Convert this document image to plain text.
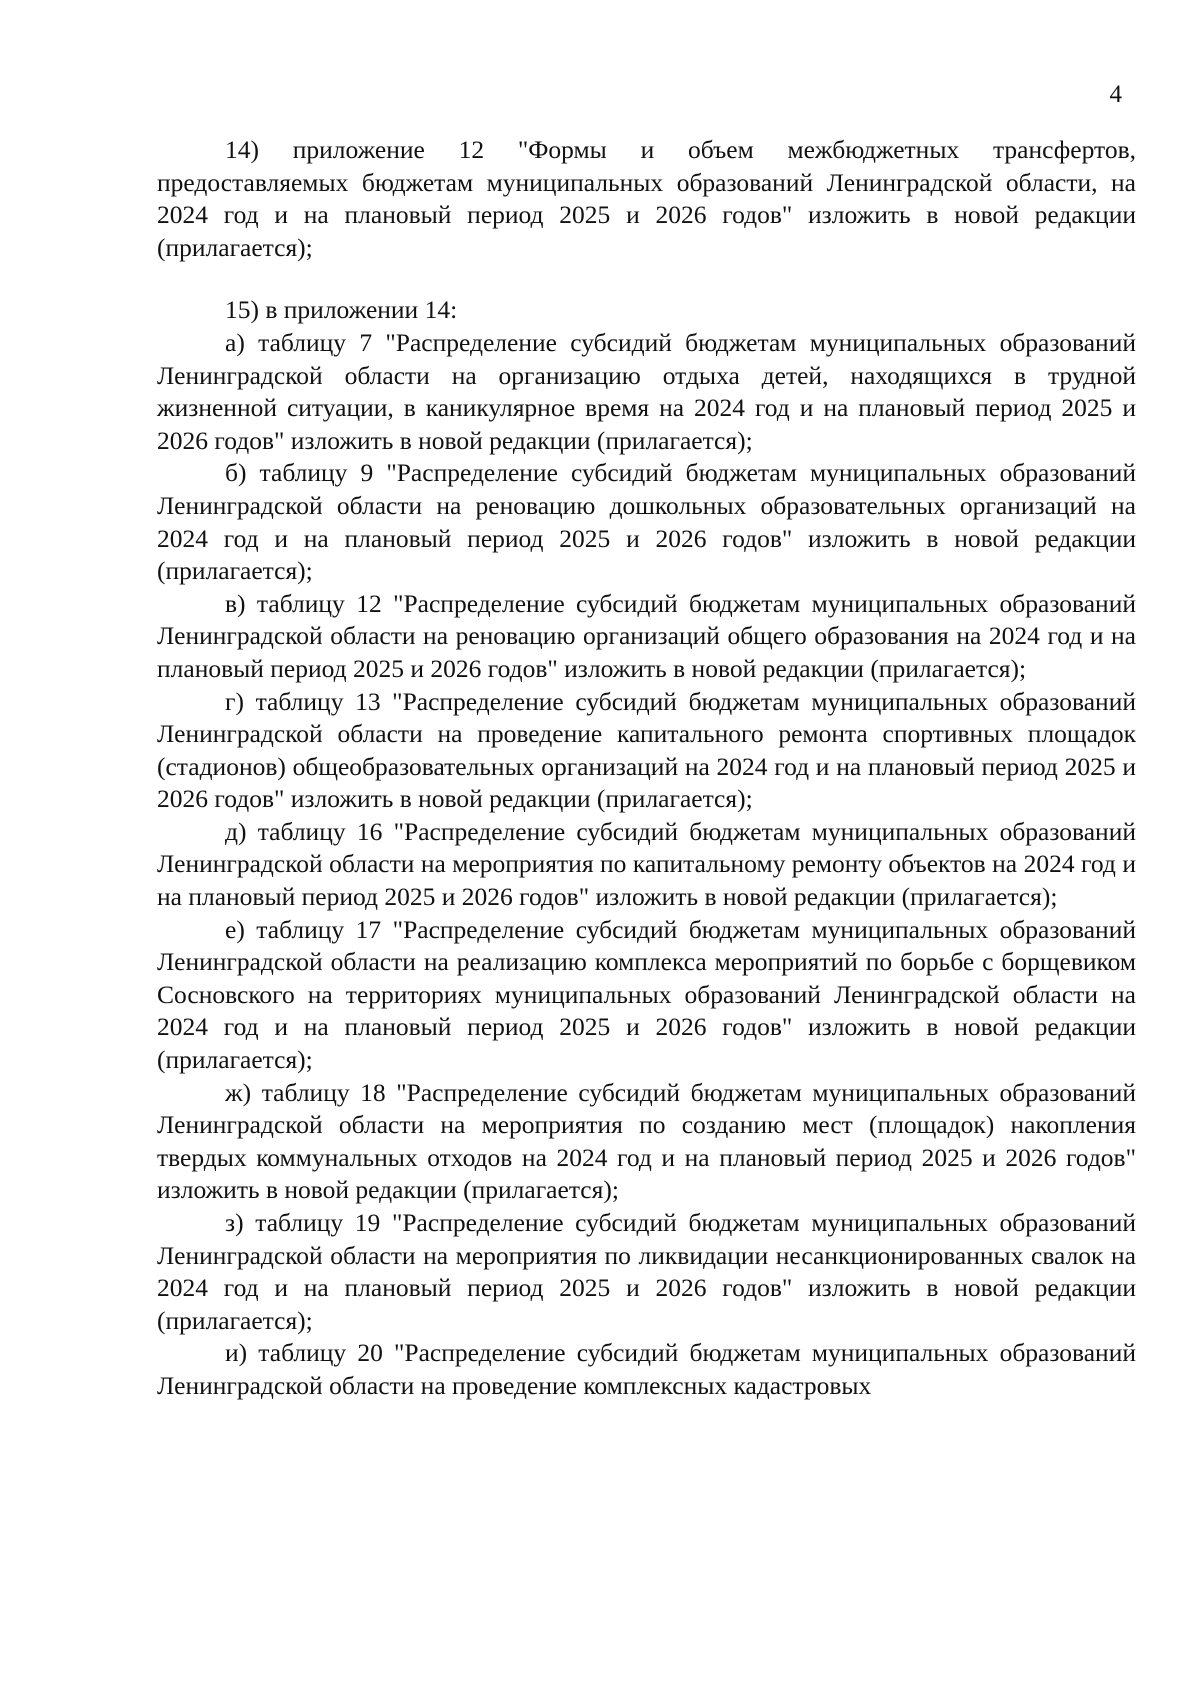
4

14) приложение 12 "Формы и объем межбюджетных трансфертов, предоставляемых бюджетам муниципальных образований Ленинградской области, на 2024 год и на плановый период 2025 и 2026 годов" изложить в новой редакции (прилагается);

15) в приложении 14:

а) таблицу 7 "Распределение субсидий бюджетам муниципальных образований Ленинградской области на организацию отдыха детей, находящихся в трудной жизненной ситуации, в каникулярное время на 2024 год и на плановый период 2025 и 2026 годов" изложить в новой редакции (прилагается);

б) таблицу 9 "Распределение субсидий бюджетам муниципальных образований Ленинградской области на реновацию дошкольных образовательных организаций на 2024 год и на плановый период 2025 и 2026 годов" изложить в новой редакции (прилагается);

в) таблицу 12 "Распределение субсидий бюджетам муниципальных образований Ленинградской области на реновацию организаций общего образования на 2024 год и на плановый период 2025 и 2026 годов" изложить в новой редакции (прилагается);

г) таблицу 13 "Распределение субсидий бюджетам муниципальных образований Ленинградской области на проведение капитального ремонта спортивных площадок (стадионов) общеобразовательных организаций на 2024 год и на плановый период 2025 и 2026 годов" изложить в новой редакции (прилагается);

д) таблицу 16 "Распределение субсидий бюджетам муниципальных образований Ленинградской области на мероприятия по капитальному ремонту объектов на 2024 год и на плановый период 2025 и 2026 годов" изложить в новой редакции (прилагается);

е) таблицу 17 "Распределение субсидий бюджетам муниципальных образований Ленинградской области на реализацию комплекса мероприятий по борьбе с борщевиком Сосновского на территориях муниципальных образований Ленинградской области на 2024 год и на плановый период 2025 и 2026 годов" изложить в новой редакции (прилагается);

ж) таблицу 18 "Распределение субсидий бюджетам муниципальных образований Ленинградской области на мероприятия по созданию мест (площадок) накопления твердых коммунальных отходов на 2024 год и на плановый период 2025 и 2026 годов" изложить в новой редакции (прилагается);

з) таблицу 19 "Распределение субсидий бюджетам муниципальных образований Ленинградской области на мероприятия по ликвидации несанкционированных свалок на 2024 год и на плановый период 2025 и 2026 годов" изложить в новой редакции (прилагается);

и) таблицу 20 "Распределение субсидий бюджетам муниципальных образований Ленинградской области на проведение комплексных кадастровых
